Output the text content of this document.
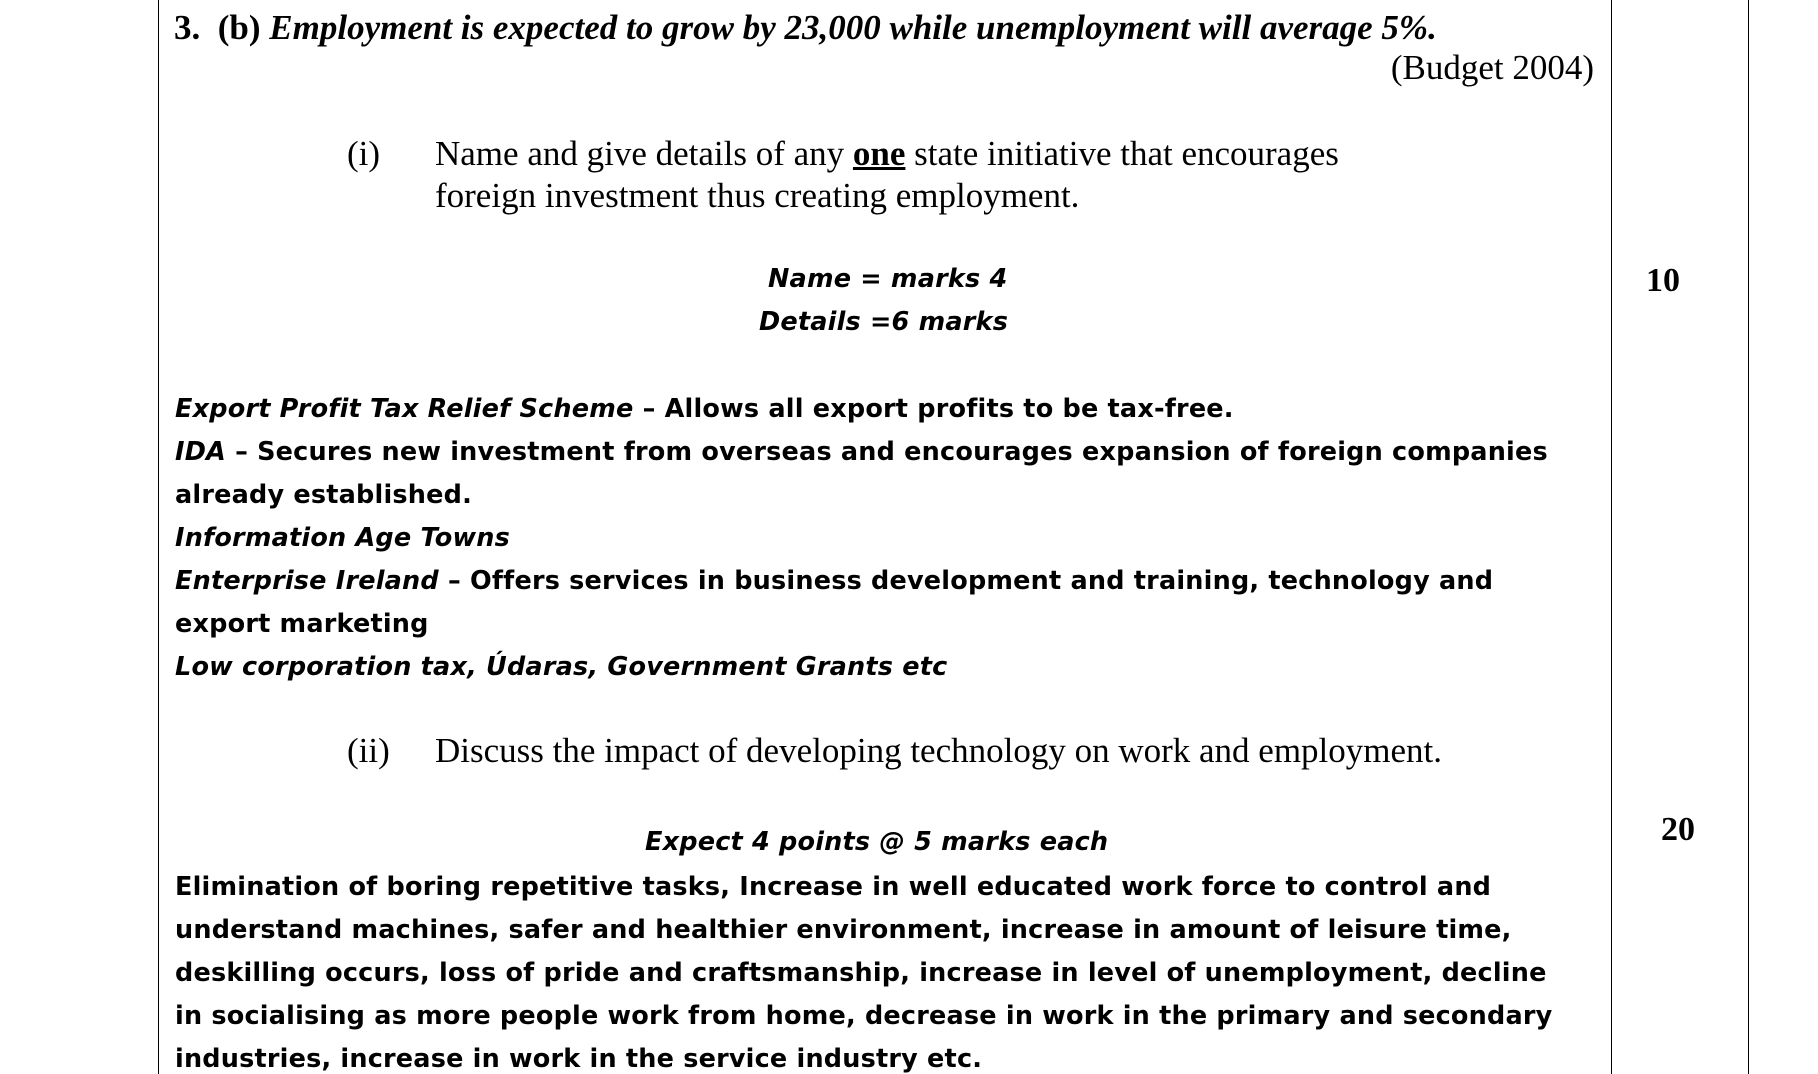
3. (b) Employment is expected to grow by 23,000 while unemployment will average 5%.
(Budget 2004)
(i) Name and give details of any one state initiative that encourages
foreign investment thus creating employment.
Name = marks 4
Details =6 marks
10
(ii) Discuss the impact of developing technology on work and employment.
Expect 4 points @ 5 marks each	20
Export Profit Tax Relief Scheme – Allows all export profits to be tax-free.
IDA – Secures new investment from overseas and encourages expansion of foreign companies
already established.
Information Age Towns
Enterprise Ireland – Offers services in business development and training, technology and
export marketing
Low corporation tax, Údaras, Government Grants etc
Elimination of boring repetitive tasks, Increase in well educated work force to control and
understand machines, safer and healthier environment, increase in amount of leisure time,
deskilling occurs, loss of pride and craftsmanship, increase in level of unemployment, decline
in socialising as more people work from home, decrease in work in the primary and secondary
industries, increase in work in the service industry etc.
